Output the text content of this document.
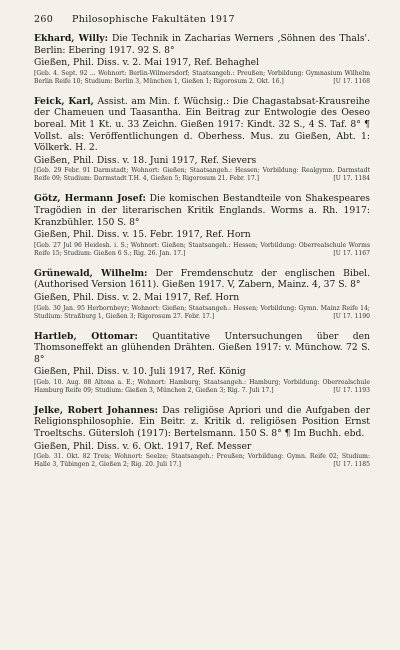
260	Philosophische Fakultäten 1917
Ekhard, Willy: Die Technik in Zacharias Werners ‚Söhnen des Thals'. Berlin: Ebering 1917. 92 S. 8°
Gießen, Phil. Diss. v. 2. Mai 1917, Ref. Behaghel
[Geb. 4. Sept. 92 ... Wohnort: Berlin-Wilmersdorf; Staatsangeh.: Preußen; Vorbildung: Gymnasium Wilhelm Berlin Reife 10; Studium: Berlin 3, München 1, Gießen 1; Rigorosum 2. Okt. 16.]	[U 17. 1168
Feick, Karl, Assist. am Min. f. Wüchsig.: Die Chagastabsat-Krausreihe der Chameuen und Taasantha. Ein Beitrag zur Entwologie des Oeseo boreal. Mit 1 Kt. u. 33 Zeichn. Gießen 1917: Kindt. 32 S., 4 S. Taf. 8° ¶ Vollst. als: Veröffentlichungen d. Oberhess. Mus. zu Gießen, Abt. 1: Völkerk. H. 2.
Gießen, Phil. Diss. v. 18. Juni 1917, Ref. Sievers
[Geb. 29 Febr. 91 Darmstadt; Wohnort: Gießen; Staatsangeh.: Hessen; Vorbildung: Realgymn. Darmstadt Reife 09; Studium: Darmstadt T.H. 4, Gießen 5; Rigorosum 21. Febr. 17.]	[U 17. 1184
Götz, Hermann Josef: Die komischen Bestandteile von Shakespeares Tragödien in der literarischen Kritik Englands. Worms a. Rh. 1917: Kranzbühler. 150 S. 8°
Gießen, Phil. Diss. v. 15. Febr. 1917, Ref. Horn
[Geb. 27 Jul 96 Heidesh. i. S.; Wohnort: Gießen; Staatsangeh.: Hessen; Vorbildung: Oberrealschule Worms Reife 15; Studium: Gießen 6 S.; Rig. 26. Jan. 17.]	[U 17. 1167
Grünewald, Wilhelm: Der Fremdenschutz der englischen Bibel. (Authorised Version 1611). Gießen 1917. V, Zabern, Mainz. 4, 37 S. 8°
Gießen, Phil. Diss. v. 2. Mai 1917, Ref. Horn
[Geb. 30 Jan. 95 Herbornbeyr; Wohnort: Gießen; Staatsangeh.: Hessen; Vorbildung: Gymn. Mainz Reife 14; Studium: Straßburg 1, Gießen 3; Rigorosum 27. Febr. 17.]	[U 17. 1190
Hartleb, Ottomar: Quantitative Untersuchungen über den Thomsoneffekt an glühenden Drähten. Gießen 1917: v. Münchow. 72 S. 8°
Gießen, Phil. Diss. v. 10. Juli 1917, Ref. König
[Geb. 10. Aug. 88 Altona a. E.; Wohnort: Hamburg; Staatsangeh.: Hamburg; Vorbildung: Oberrealschule Hamburg Reife 09; Studium: Gießen 3, München 2, Gießen 3; Rig. 7. Juli 17.]	[U 17. 1193
Jelke, Robert Johannes: Das religiöse Apriori und die Aufgaben der Religionsphilosophie. Ein Beitr. z. Kritik d. religiösen Position Ernst Troeltschs. Gütersloh (1917): Bertelsmann. 150 S. 8° ¶ Im Buchh. ebd.
Gießen, Phil. Diss. v. 6. Okt. 1917, Ref. Messer
[Geb. 31. Okt. 82 Treis; Wohnort: Seelze; Staatsangeh.: Preußen; Vorbildung: Gymn. Reife 02; Studium: Halle 3, Tübingen 2, Gießen 2; Rig. 20. Juli 17.]	[U 17. 1185
